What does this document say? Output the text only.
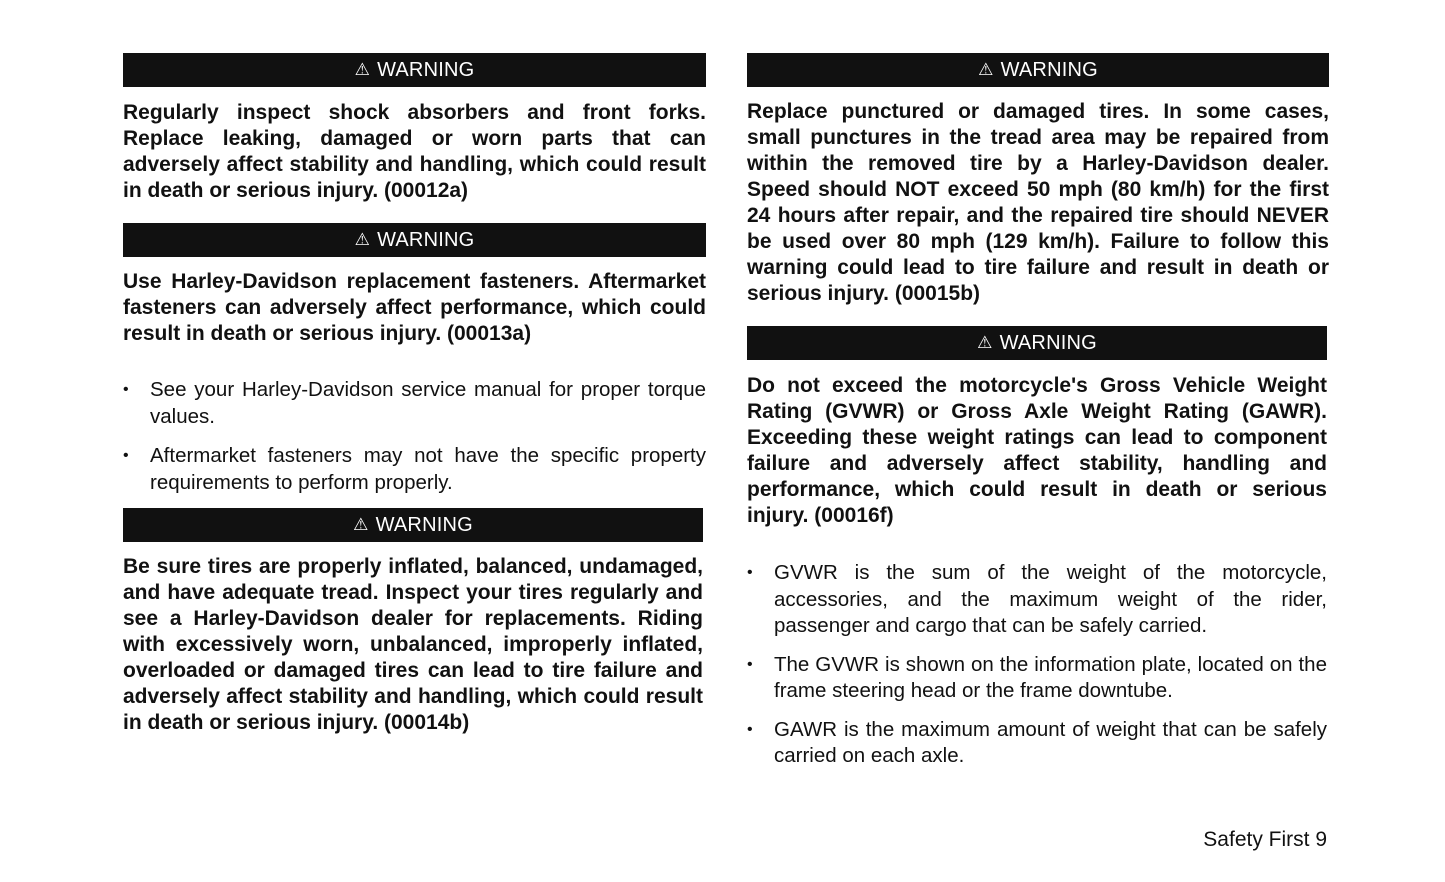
⚠ WARNING

Regularly inspect shock absorbers and front forks. Replace leaking, damaged or worn parts that can adversely affect stability and handling, which could result in death or serious injury. (00012a)

⚠ WARNING

Use Harley-Davidson replacement fasteners. Aftermarket fasteners can adversely affect performance, which could result in death or serious injury. (00013a)

• See your Harley-Davidson service manual for proper torque values.
• Aftermarket fasteners may not have the specific property requirements to perform properly.
⚠ WARNING

Be sure tires are properly inflated, balanced, undamaged, and have adequate tread. Inspect your tires regularly and see a Harley-Davidson dealer for replacements. Riding with excessively worn, unbalanced, improperly inflated, overloaded or damaged tires can lead to tire failure and adversely affect stability and handling, which could result in death or serious injury. (00014b)

⚠ WARNING

Replace punctured or damaged tires. In some cases, small punctures in the tread area may be repaired from within the removed tire by a Harley-Davidson dealer. Speed should NOT exceed 50 mph (80 km/h) for the first 24 hours after repair, and the repaired tire should NEVER be used over 80 mph (129 km/h). Failure to follow this warning could lead to tire failure and result in death or serious injury. (00015b)

⚠ WARNING

Do not exceed the motorcycle's Gross Vehicle Weight Rating (GVWR) or Gross Axle Weight Rating (GAWR). Exceeding these weight ratings can lead to component failure and adversely affect stability, handling and performance, which could result in death or serious injury. (00016f)

• GVWR is the sum of the weight of the motorcycle, accessories, and the maximum weight of the rider, passenger and cargo that can be safely carried.
• The GVWR is shown on the information plate, located on the frame steering head or the frame downtube.
• GAWR is the maximum amount of weight that can be safely carried on each axle.
Safety First 9
